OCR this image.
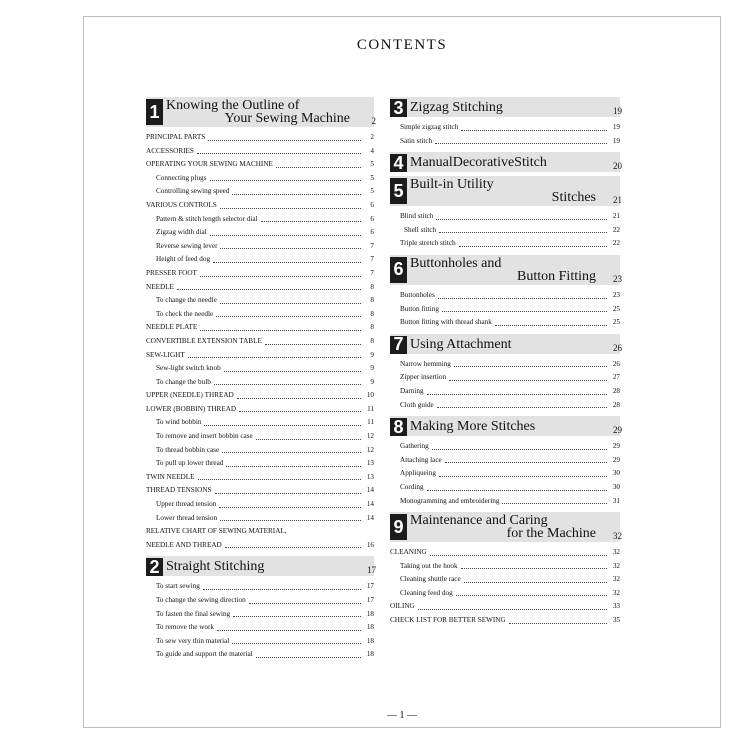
CONTENTS
1 Knowing the Outline of
Your Sewing Machine 2
PRINCIPAL PARTS	2
ACCESSORIES	4
OPERATING YOUR SEWING MACHINE	5
Connecting plugs	5
Controlling sewing speed	5
VARIOUS CONTROLS	6
Pattern & stitch length selector dial	6
Zigzag width dial	6
Reverse sewing lever	7
Height of feed dog	7
PRESSER FOOT	7
NEEDLE	8
To change the needle	8
To check the needle	8
NEEDLE PLATE	8
CONVERTIBLE EXTENSION TABLE	8
SEW-LIGHT	9
Sew-light switch knob	9
To change the bulb	9
UPPER (NEEDLE) THREAD	10
LOWER (BOBBIN) THREAD	11
To wind bobbin	11
To remove and insert bobbin case	12
To thread bobbin case	12
To pull up lower thread	13
TWIN NEEDLE	13
THREAD TENSIONS	14
Upper thread tension	14
Lower thread tension	14
RELATIVE CHART OF SEWING MATERIAL,
NEEDLE AND THREAD	16
2 Straight Stitching	17
To start sewing	17
To change the sewing direction	17
To fasten the final sewing	18
To remove the work	18
To sew very thin material	18
To guide and support the material	18
3 Zigzag Stitching	19
Simple zigzag stitch	19
Satin stitch	19
4 ManualDecorativeStitch	20
5 Built-in Utility
Stitches 21
Blind stitch	21
Shell stitch	22
Triple stretch stitch	22
6 Buttonholes and
Button Fitting 23
Buttonholes	23
Button fitting	25
Button fitting with thread shank	25
7 Using Attachment	26
Narrow hemming	26
Zipper insertion	27
Darning	28
Cloth guide	28
8 Making More Stitches	29
Gathering	29
Attaching lace	29
Appliqueing	30
Cording	30
Monogramming and embroidering	31
9 Maintenance and Caring
for the Machine 32
CLEANING	32
Taking out the hook	32
Cleaning shuttle race	32
Cleaning feed dog	32
OILING	33
CHECK LIST FOR BETTER SEWING	35
— 1 —
